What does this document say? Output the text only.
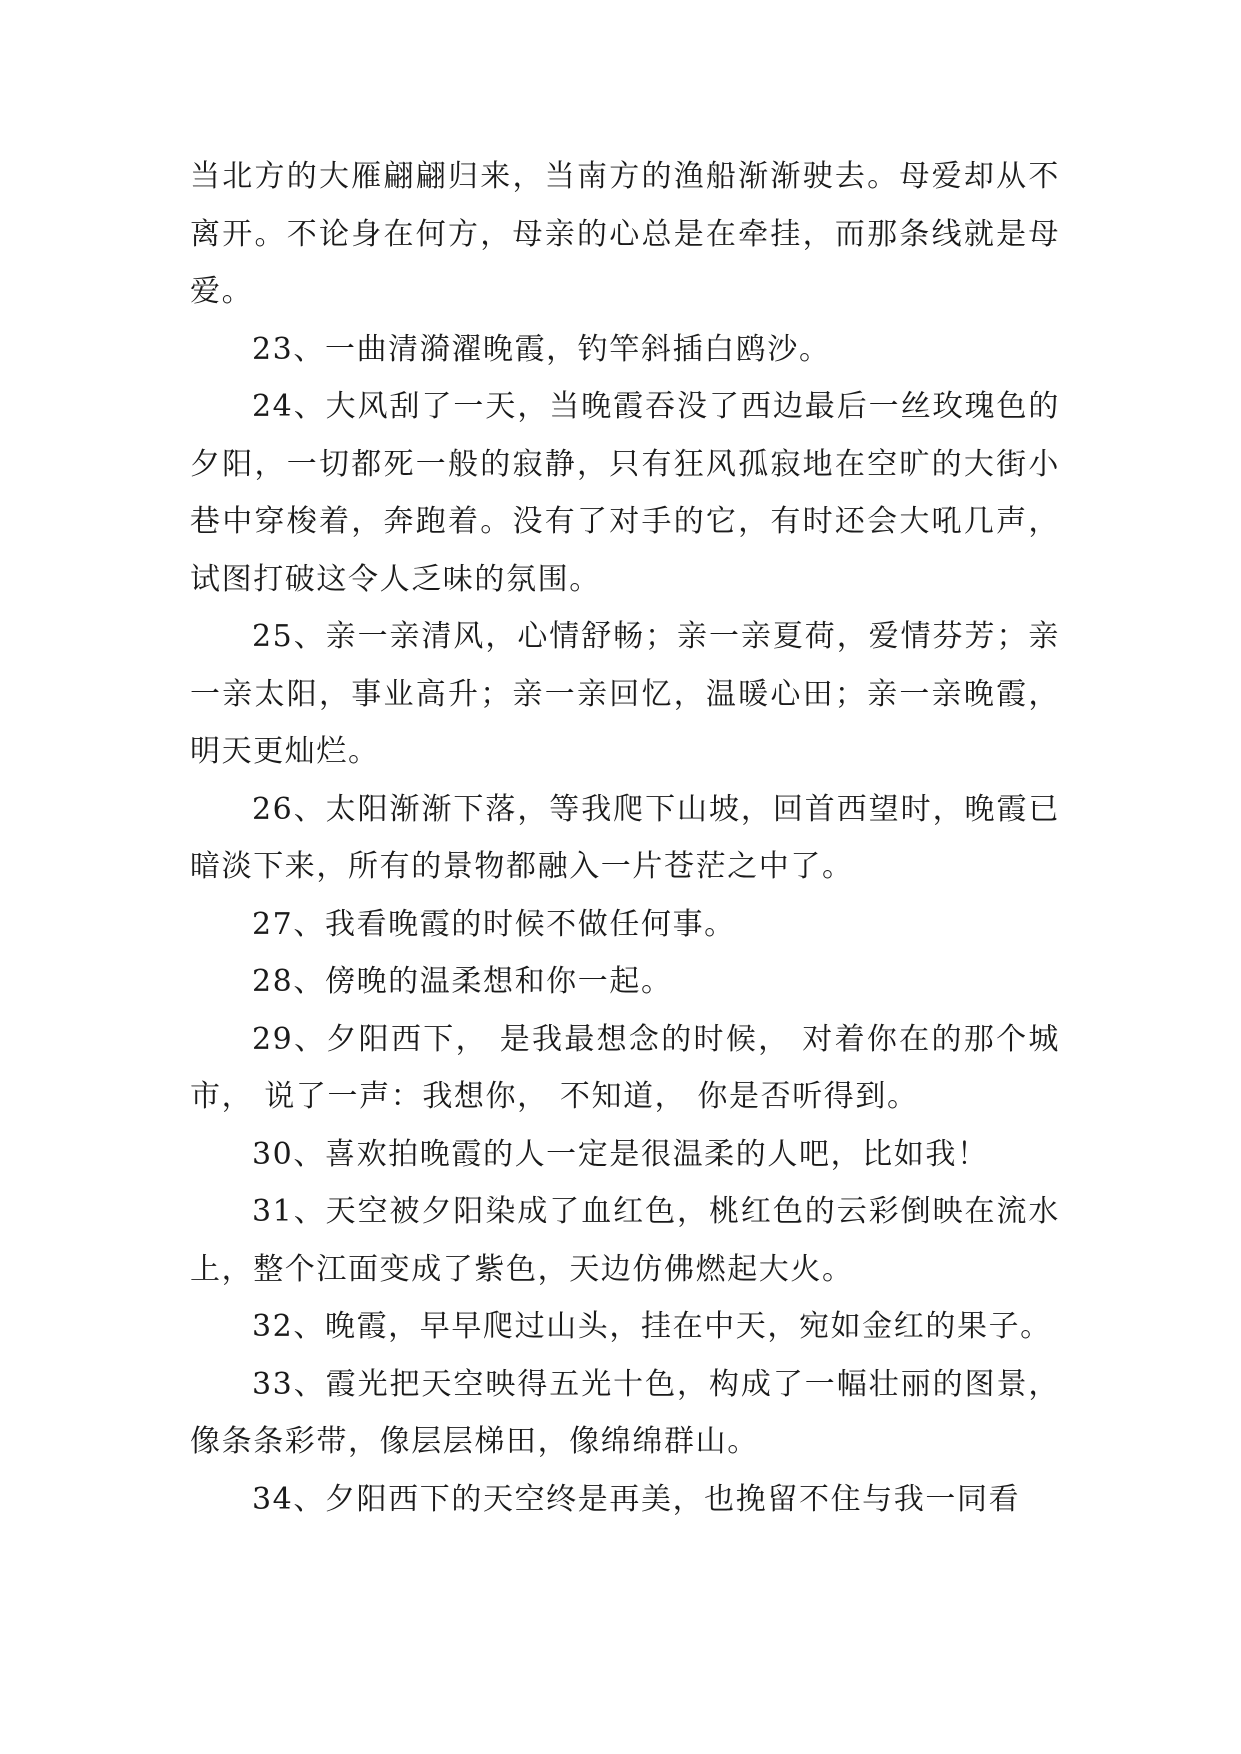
当北方的大雁翩翩归来，当南方的渔船渐渐驶去。母爱却从不离开。不论身在何方，母亲的心总是在牵挂，而那条线就是母爱。

23、一曲清漪濯晚霞，钓竿斜插白鸥沙。

24、大风刮了一天，当晚霞吞没了西边最后一丝玫瑰色的夕阳，一切都死一般的寂静，只有狂风孤寂地在空旷的大街小巷中穿梭着，奔跑着。没有了对手的它，有时还会大吼几声，试图打破这令人乏味的氛围。

25、亲一亲清风，心情舒畅；亲一亲夏荷，爱情芬芳；亲一亲太阳，事业高升；亲一亲回忆，温暖心田；亲一亲晚霞，明天更灿烂。

26、太阳渐渐下落，等我爬下山坡，回首西望时，晚霞已暗淡下来，所有的景物都融入一片苍茫之中了。

27、我看晚霞的时候不做任何事。

28、傍晚的温柔想和你一起。

29、夕阳西下， 是我最想念的时候， 对着你在的那个城市， 说了一声：我想你， 不知道， 你是否听得到。

30、喜欢拍晚霞的人一定是很温柔的人吧，比如我！

31、天空被夕阳染成了血红色，桃红色的云彩倒映在流水上，整个江面变成了紫色，天边仿佛燃起大火。

32、晚霞，早早爬过山头，挂在中天，宛如金红的果子。

33、霞光把天空映得五光十色，构成了一幅壮丽的图景，像条条彩带，像层层梯田，像绵绵群山。

34、夕阳西下的天空终是再美，也挽留不住与我一同看
